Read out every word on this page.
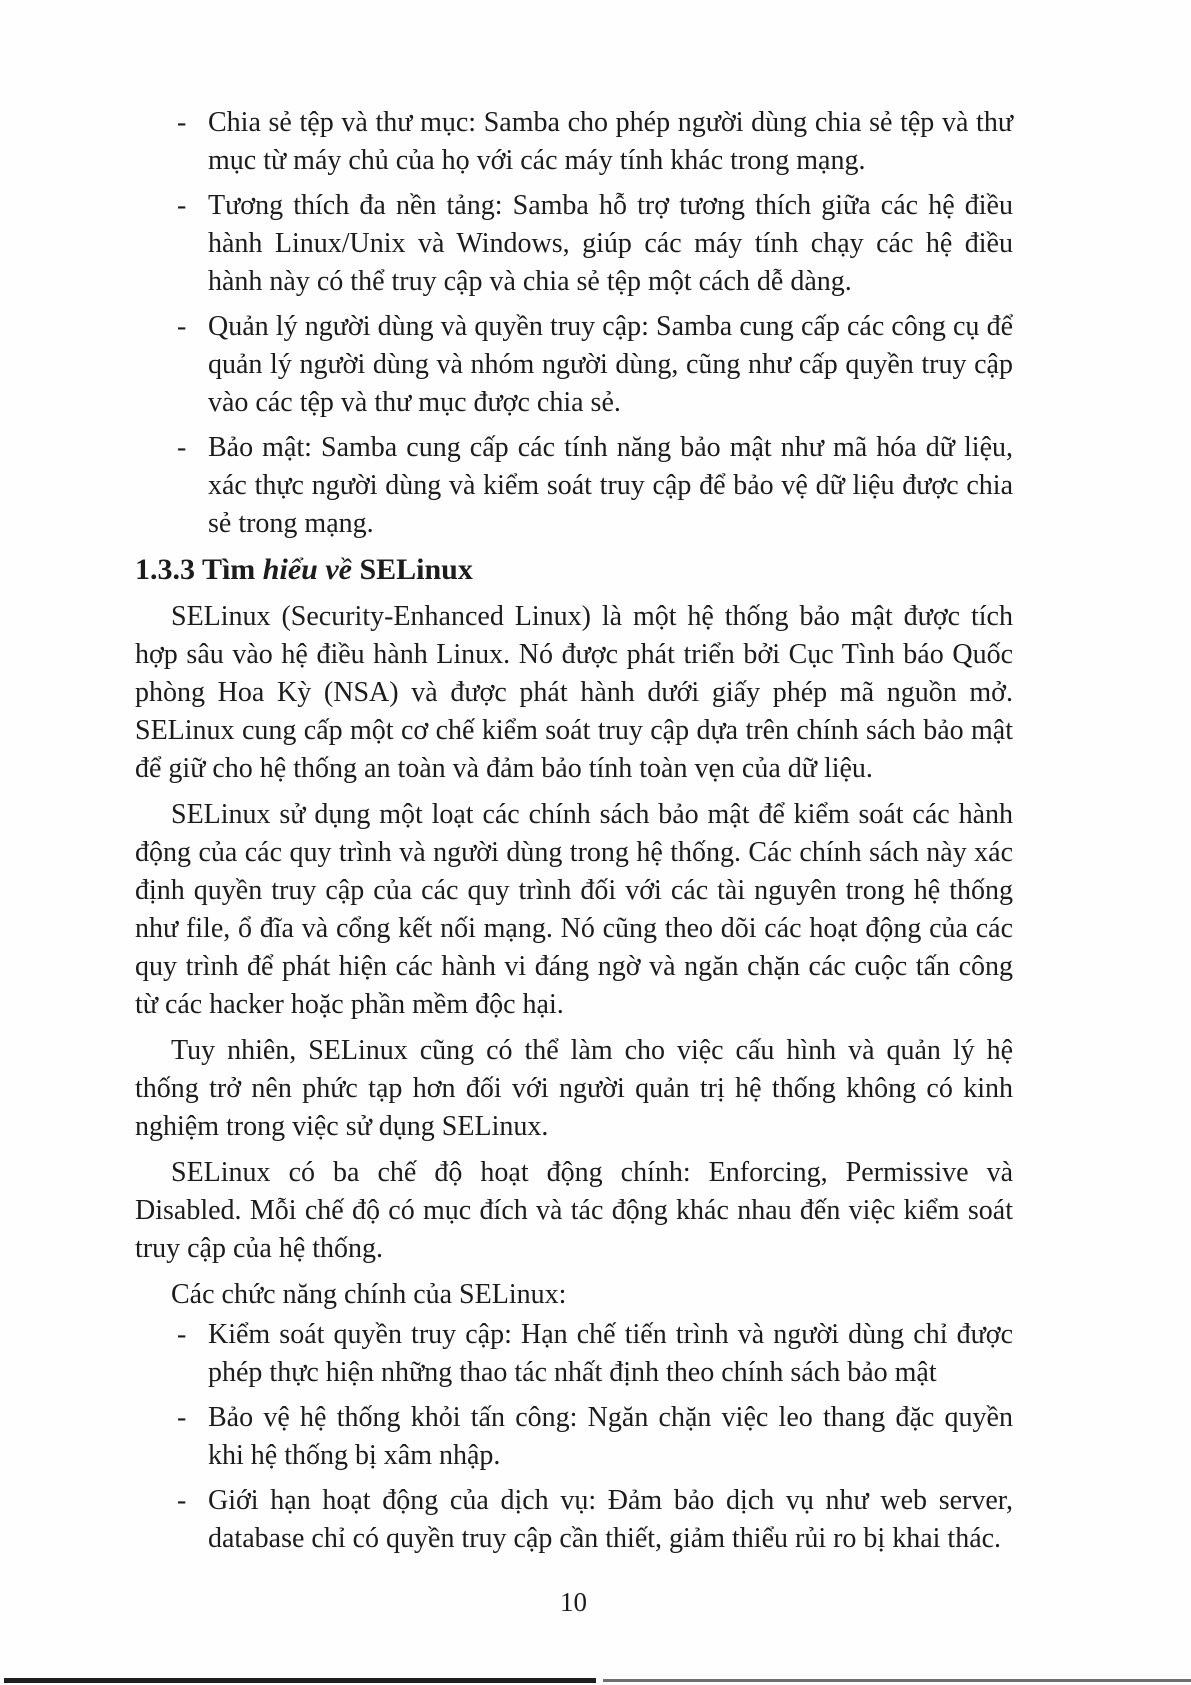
- Chia sẻ tệp và thư mục: Samba cho phép người dùng chia sẻ tệp và thư mục từ máy chủ của họ với các máy tính khác trong mạng.
- Tương thích đa nền tảng: Samba hỗ trợ tương thích giữa các hệ điều hành Linux/Unix và Windows, giúp các máy tính chạy các hệ điều hành này có thể truy cập và chia sẻ tệp một cách dễ dàng.
- Quản lý người dùng và quyền truy cập: Samba cung cấp các công cụ để quản lý người dùng và nhóm người dùng, cũng như cấp quyền truy cập vào các tệp và thư mục được chia sẻ.
- Bảo mật: Samba cung cấp các tính năng bảo mật như mã hóa dữ liệu, xác thực người dùng và kiểm soát truy cập để bảo vệ dữ liệu được chia sẻ trong mạng.
1.3.3 Tìm hiểu về SELinux

SELinux (Security-Enhanced Linux) là một hệ thống bảo mật được tích hợp sâu vào hệ điều hành Linux. Nó được phát triển bởi Cục Tình báo Quốc phòng Hoa Kỳ (NSA) và được phát hành dưới giấy phép mã nguồn mở. SELinux cung cấp một cơ chế kiểm soát truy cập dựa trên chính sách bảo mật để giữ cho hệ thống an toàn và đảm bảo tính toàn vẹn của dữ liệu.

SELinux sử dụng một loạt các chính sách bảo mật để kiểm soát các hành động của các quy trình và người dùng trong hệ thống. Các chính sách này xác định quyền truy cập của các quy trình đối với các tài nguyên trong hệ thống như file, ổ đĩa và cổng kết nối mạng. Nó cũng theo dõi các hoạt động của các quy trình để phát hiện các hành vi đáng ngờ và ngăn chặn các cuộc tấn công từ các hacker hoặc phần mềm độc hại.

Tuy nhiên, SELinux cũng có thể làm cho việc cấu hình và quản lý hệ thống trở nên phức tạp hơn đối với người quản trị hệ thống không có kinh nghiệm trong việc sử dụng SELinux.

SELinux có ba chế độ hoạt động chính: Enforcing, Permissive và Disabled. Mỗi chế độ có mục đích và tác động khác nhau đến việc kiểm soát truy cập của hệ thống.

Các chức năng chính của SELinux:

- Kiểm soát quyền truy cập: Hạn chế tiến trình và người dùng chỉ được phép thực hiện những thao tác nhất định theo chính sách bảo mật
- Bảo vệ hệ thống khỏi tấn công: Ngăn chặn việc leo thang đặc quyền khi hệ thống bị xâm nhập.
- Giới hạn hoạt động của dịch vụ: Đảm bảo dịch vụ như web server, database chỉ có quyền truy cập cần thiết, giảm thiểu rủi ro bị khai thác.
10
